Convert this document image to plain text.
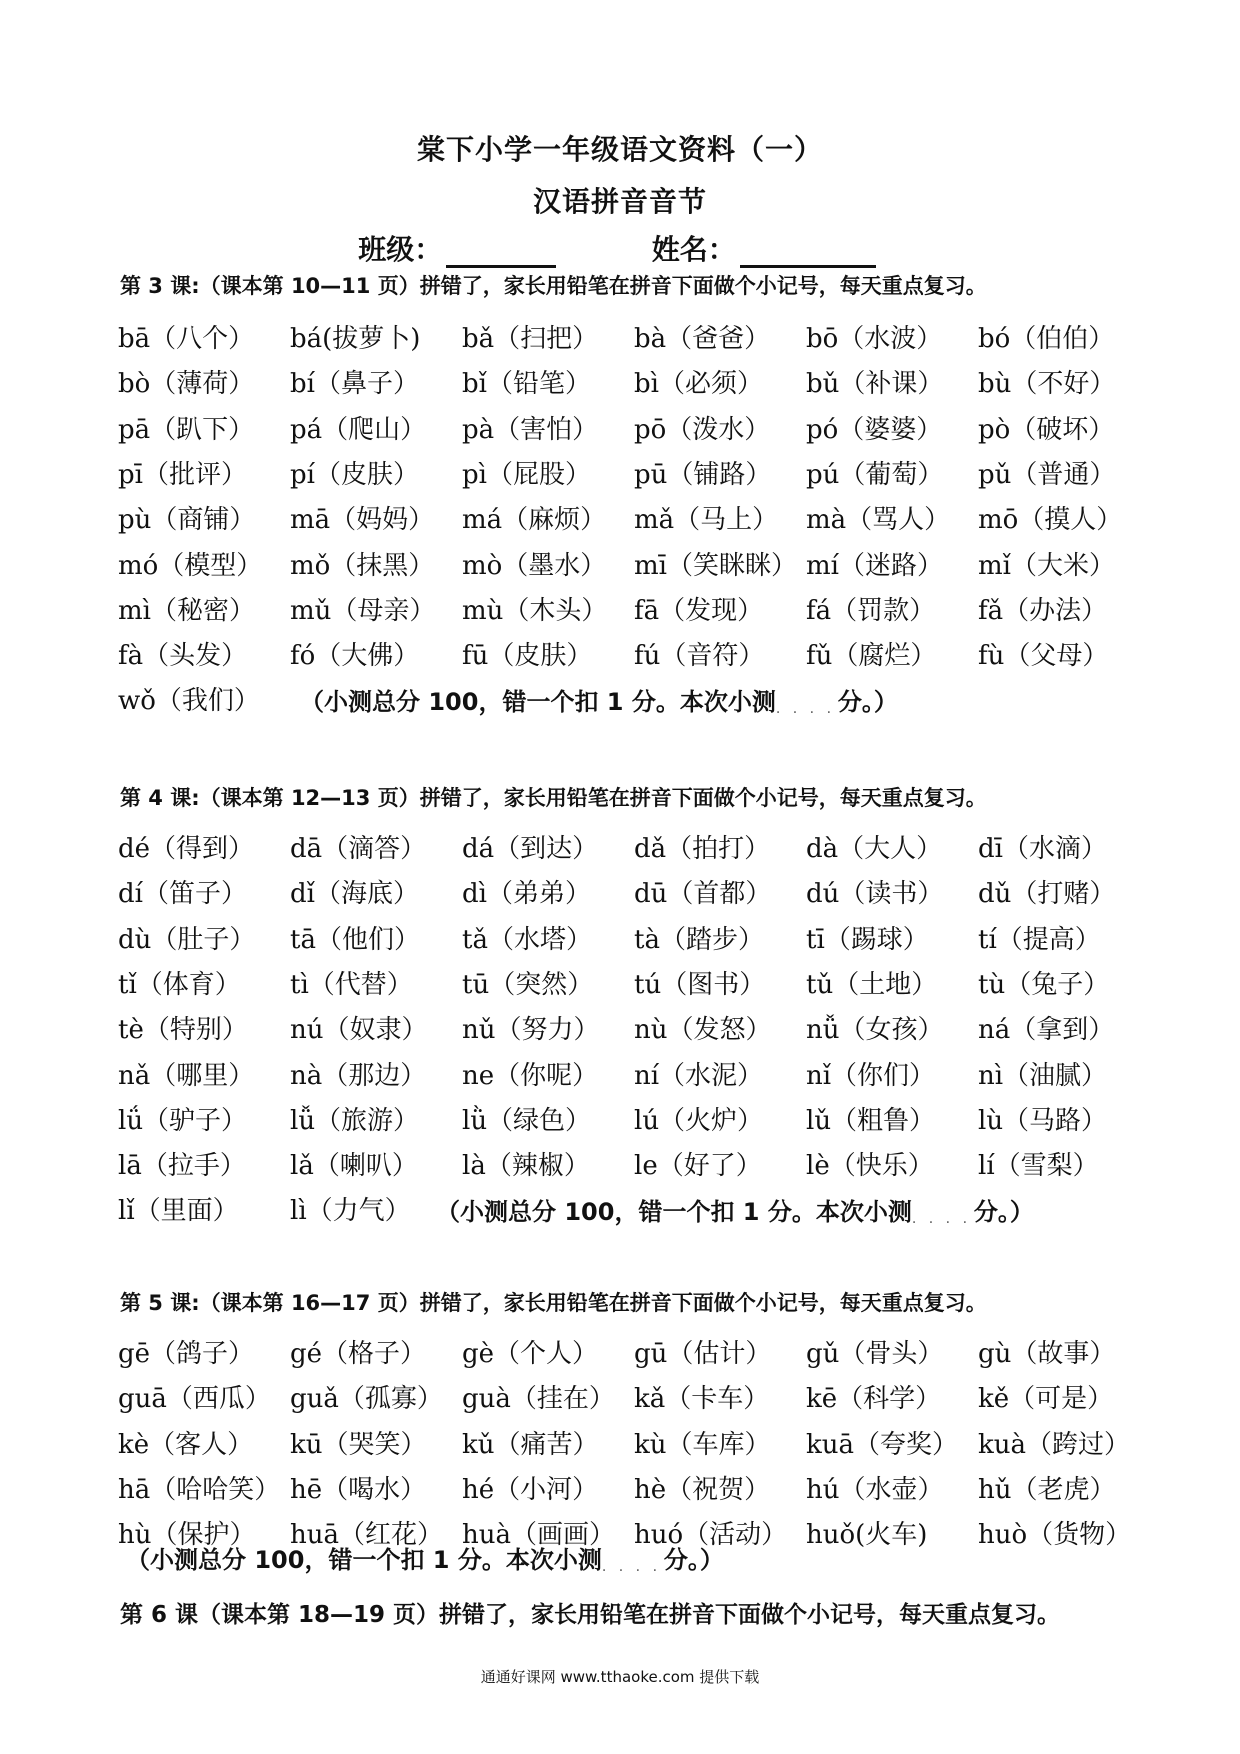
棠下小学一年级语文资料（一）
汉语拼音音节
班级：	姓名：
第 3 课:（课本第 10—11 页）拼错了，家长用铅笔在拼音下面做个小记号，每天重点复习。
bā（八个） bá(拔萝卜) bǎ（扫把） bà（爸爸） bō（水波） bó（伯伯）
bò（薄荷） bí（鼻子） bǐ（铅笔） bì（必须） bǔ（补课） bù（不好）
pā（趴下） pá（爬山） pà（害怕） pō（泼水） pó（婆婆） pò（破坏）
pī（批评） pí（皮肤） pì（屁股） pū（铺路） pú（葡萄） pǔ（普通）
pù（商铺） mā（妈妈） má（麻烦） mǎ（马上） mà（骂人） mō（摸人）
mó（模型） mǒ（抹黑） mò（墨水） mī（笑眯眯） mí（迷路） mǐ（大米）
mì（秘密） mǔ（母亲） mù（木头） fā（发现） fá（罚款） fǎ（办法）
fà（头发） fó（大佛） fū（皮肤） fú（音符） fǔ（腐烂） fù（父母）
wǒ（我们） （小测总分 100，错一个扣 1 分。本次小测. . . . 分。）
第 4 课:（课本第 12—13 页）拼错了，家长用铅笔在拼音下面做个小记号，每天重点复习。
dé（得到） dā（滴答） dá（到达） dǎ（拍打） dà（大人） dī（水滴）
dí（笛子） dǐ（海底） dì（弟弟） dū（首都） dú（读书） dǔ（打赌）
dù（肚子） tā（他们） tǎ（水塔） tà（踏步） tī（踢球） tí（提高）
tǐ（体育） tì（代替） tū（突然） tú（图书） tǔ（土地） tù（兔子）
tè（特别） nú（奴隶） nǔ（努力） nù（发怒） nǚ（女孩） ná（拿到）
nǎ（哪里） nà（那边） ne（你呢） ní（水泥） nǐ（你们） nì（油腻）
lǘ（驴子） lǚ（旅游） lǜ（绿色） lú（火炉） lǔ（粗鲁） lù（马路）
lā（拉手） lǎ（喇叭） là（辣椒） le（好了） lè（快乐） lí（雪梨）
lǐ（里面） lì（力气） （小测总分 100，错一个扣 1 分。本次小测. . . . 分。）
第 5 课:（课本第 16—17 页）拼错了，家长用铅笔在拼音下面做个小记号，每天重点复习。
gē（鸽子） gé（格子） gè（个人） gū（估计） gǔ（骨头） gù（故事）
guā（西瓜） guǎ（孤寡） guà（挂在） kǎ（卡车） kē（科学） kě（可是）
kè（客人） kū（哭笑） kǔ（痛苦） kù（车库） kuā（夸奖） kuà（跨过）
hā（哈哈笑） hē（喝水） hé（小河） hè（祝贺） hú（水壶） hǔ（老虎）
hù（保护） huā（红花） huà（画画） huó（活动） huǒ(火车) huò（货物）
（小测总分 100，错一个扣 1 分。本次小测. . . . 分。）
第 6 课（课本第 18—19 页）拼错了，家长用铅笔在拼音下面做个小记号，每天重点复习。
通通好课网 www.tthaoke.com 提供下载
